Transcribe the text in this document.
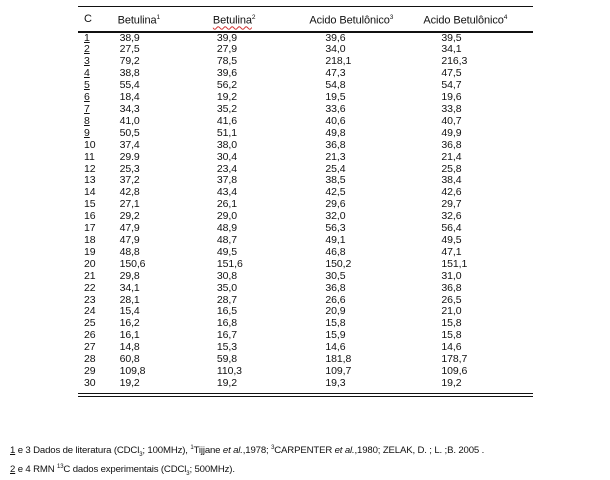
C	Betulina$^1$	Betulina$^2$	Acido Betulônico$^3$	Acido Betulônico$^4$
1	38,9	39,9	39,6	39,5
2	27,5	27,9	34,0	34,1
3	79,2	78,5	218,1	216,3
4	38,8	39,6	47,3	47,5
5	55,4	56,2	54,8	54,7
6	18,4	19,2	19,5	19,6
7	34,3	35,2	33,6	33,8
8	41,0	41,6	40,6	40,7
9	50,5	51,1	49,8	49,9
10	37,4	38,0	36,8	36,8
11	29.9	30,4	21,3	21,4
12	25,3	23,4	25,4	25,8
13	37,2	37,8	38,5	38,4
14	42,8	43,4	42,5	42,6
15	27,1	26,1	29,6	29,7
16	29,2	29,0	32,0	32,6
17	47,9	48,9	56,3	56,4
18	47,9	48,7	49,1	49,5
19	48,8	49,5	46,8	47,1
20	150,6	151,6	150,2	151,1
21	29,8	30,8	30,5	31,0
22	34,1	35,0	36,8	36,8
23	28,1	28,7	26,6	26,5
24	15,4	16,5	20,9	21,0
25	16,2	16,8	15,8	15,8
26	16,1	16,7	15,9	15,8
27	14,8	15,3	14,6	14,6
28	60,8	59,8	181,8	178,7
29	109,8	110,3	109,7	109,6
30	19,2	19,2	19,3	19,2
1 e 3 Dados de literatura (CDCl$_3$; 100MHz), $^1$Tijjane et al.,1978; $^3$CARPENTER et al.,1980; ZELAK, D. ; L. ;B. 2005 .
2 e 4 RMN $^{13}$C dados experimentais (CDCl$_3$; 500MHz).
